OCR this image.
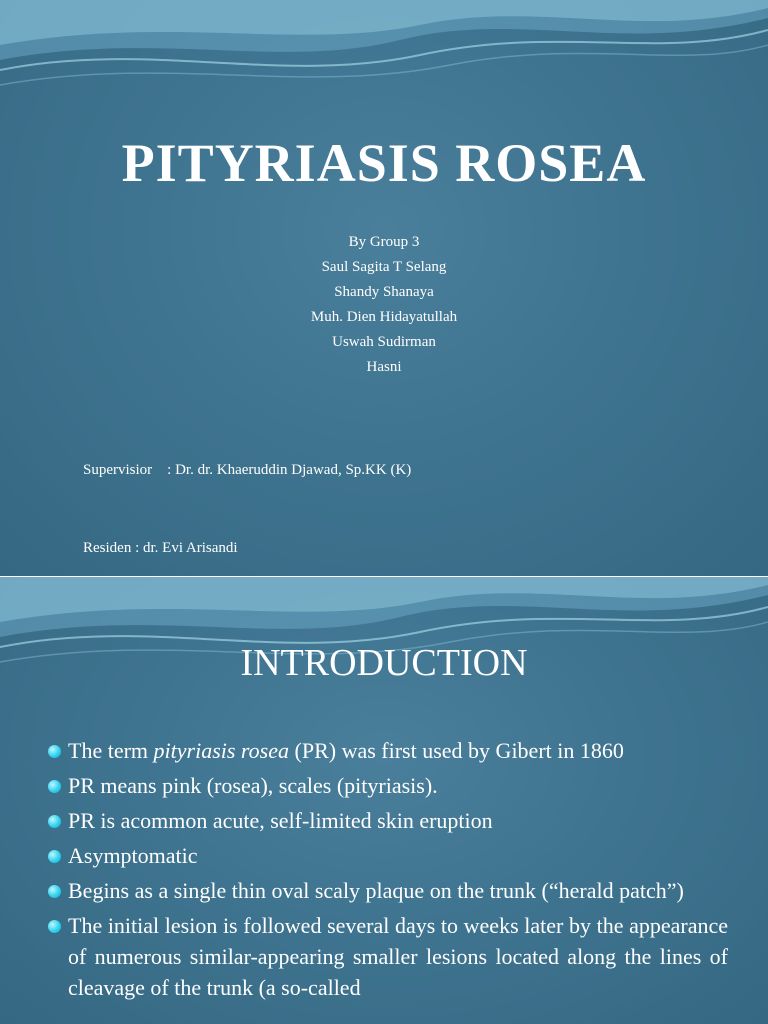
PITYRIASIS ROSEA
By Group 3
Saul Sagita T Selang
Shandy Shanaya
Muh. Dien Hidayatullah
Uswah Sudirman
Hasni

Supervisior    : Dr. dr. Khaeruddin Djawad, Sp.KK (K)

Residen : dr. Evi Arisandi

INTRODUCTION
The term pityriasis rosea (PR) was first used by Gibert in 1860
PR means pink (rosea), scales (pityriasis).
PR is acommon acute, self-limited skin eruption
Asymptomatic
Begins as a single thin oval scaly plaque on the trunk (“herald patch”)
The initial lesion is followed several days to weeks later by the appearance of numerous similar-appearing smaller lesions located along the lines of cleavage of the trunk (a so-called
